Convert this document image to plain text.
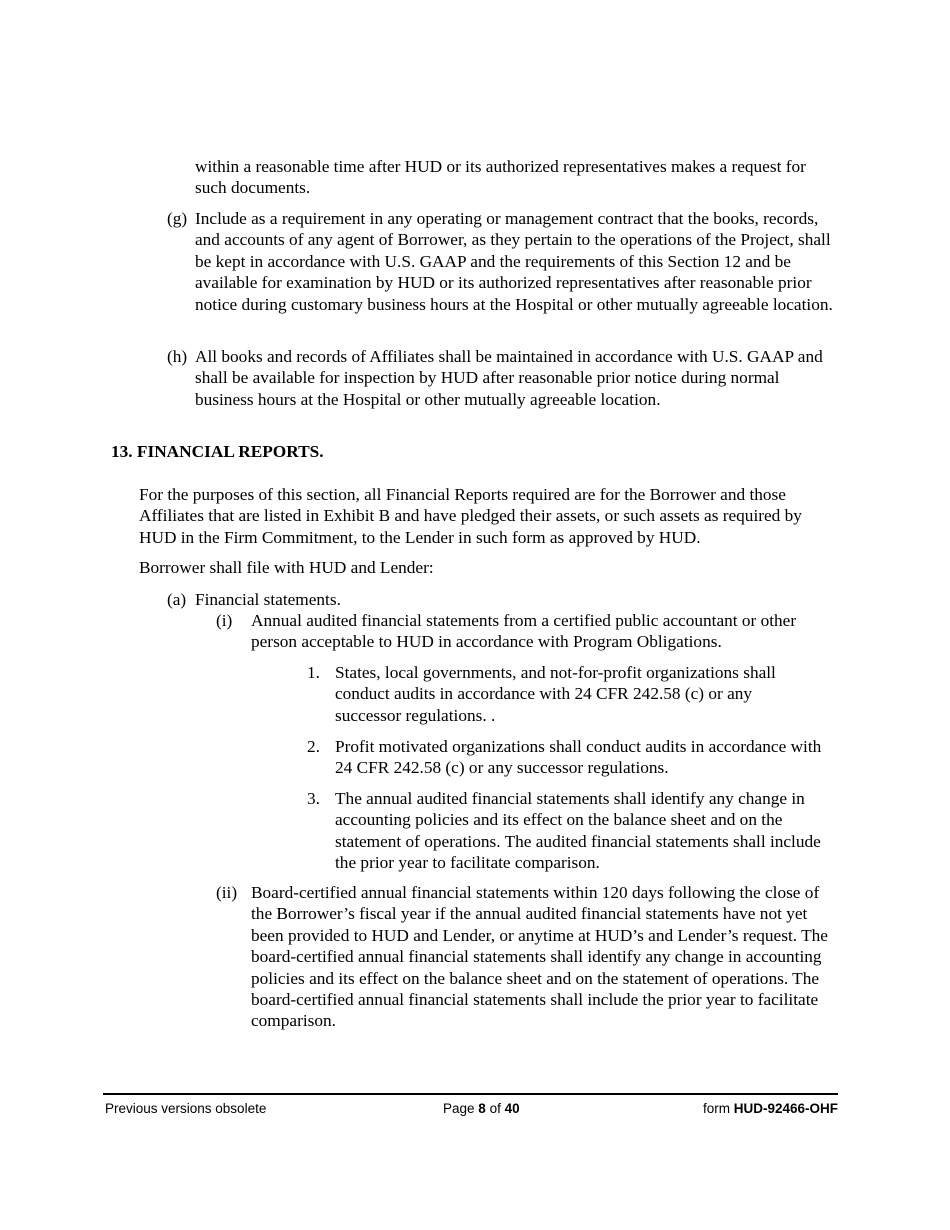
within a reasonable time after HUD or its authorized representatives makes a request for such documents.

(g) Include as a requirement in any operating or management contract that the books, records, and accounts of any agent of Borrower, as they pertain to the operations of the Project, shall be kept in accordance with U.S. GAAP and the requirements of this Section 12 and be available for examination by HUD or its authorized representatives after reasonable prior notice during customary business hours at the Hospital or other mutually agreeable location.

(h) All books and records of Affiliates shall be maintained in accordance with U.S. GAAP and shall be available for inspection by HUD after reasonable prior notice during normal business hours at the Hospital or other mutually agreeable location.

13. FINANCIAL REPORTS.

For the purposes of this section, all Financial Reports required are for the Borrower and those Affiliates that are listed in Exhibit B and have pledged their assets, or such assets as required by HUD in the Firm Commitment, to the Lender in such form as approved by HUD.

Borrower shall file with HUD and Lender:

(a) Financial statements.

(i) Annual audited financial statements from a certified public accountant or other person acceptable to HUD in accordance with Program Obligations.

1. States, local governments, and not-for-profit organizations shall conduct audits in accordance with 24 CFR 242.58 (c) or any successor regulations. .

2. Profit motivated organizations shall conduct audits in accordance with 24 CFR 242.58 (c) or any successor regulations.

3. The annual audited financial statements shall identify any change in accounting policies and its effect on the balance sheet and on the statement of operations. The audited financial statements shall include the prior year to facilitate comparison.

(ii) Board-certified annual financial statements within 120 days following the close of the Borrower’s fiscal year if the annual audited financial statements have not yet been provided to HUD and Lender, or anytime at HUD’s and Lender’s request. The board-certified annual financial statements shall identify any change in accounting policies and its effect on the balance sheet and on the statement of operations. The board-certified annual financial statements shall include the prior year to facilitate comparison.

Previous versions obsolete	Page 8 of 40	form HUD-92466-OHF
